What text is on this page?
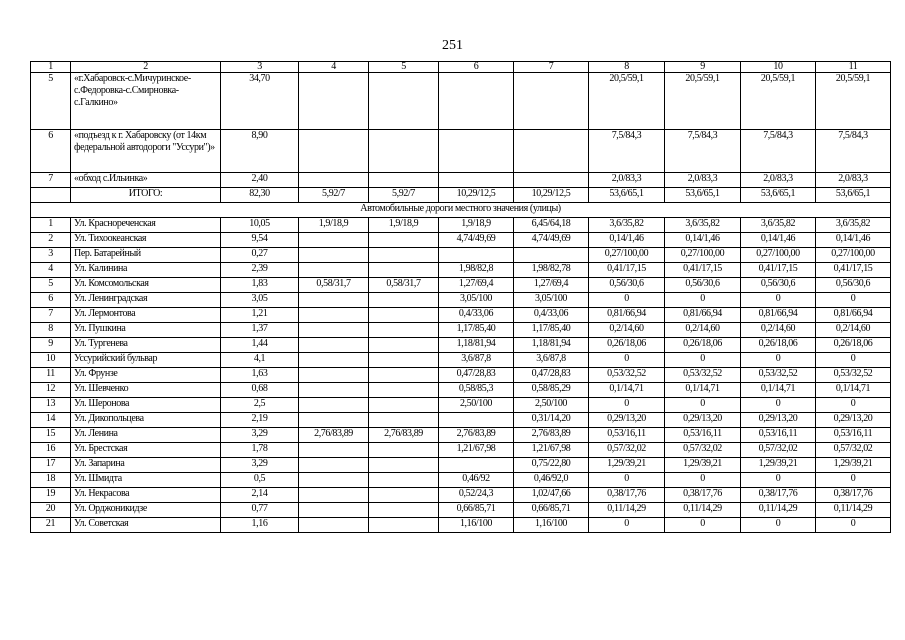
251
1	2	3	4	5	6	7	8	9	10	11
5	«г.Хабаровск-с.Мичуринское-с.Федоровка-с.Смирновка-с.Галкино»	34,70					20,5/59,1	20,5/59,1	20,5/59,1	20,5/59,1
6	«подъезд к г. Хабаровску (от 14км федеральной автодороги "Уссури")»	8,90					7,5/84,3	7,5/84,3	7,5/84,3	7,5/84,3
7	«обход с.Ильинка»	2,40					2,0/83,3	2,0/83,3	2,0/83,3	2,0/83,3
	ИТОГО:	82,30	5,92/7	5,92/7	10,29/12,5	10,29/12,5	53,6/65,1	53,6/65,1	53,6/65,1	53,6/65,1
Автомобильные дороги местного значения (улицы)										
1	Ул. Краснореченская	10,05	1,9/18,9	1,9/18,9	1,9/18,9	6,45/64,18	3,6/35,82	3,6/35,82	3,6/35,82	3,6/35,82
2	Ул. Тихоокеанская	9,54			4,74/49,69	4,74/49,69	0,14/1,46	0,14/1,46	0,14/1,46	0,14/1,46
3	Пер. Батарейный	0,27					0,27/100,00	0,27/100,00	0,27/100,00	0,27/100,00
4	Ул. Калинина	2,39			1,98/82,8	1,98/82,78	0,41/17,15	0,41/17,15	0,41/17,15	0,41/17,15
5	Ул. Комсомольская	1,83	0,58/31,7	0,58/31,7	1,27/69,4	1,27/69,4	0,56/30,6	0,56/30,6	0,56/30,6	0,56/30,6
6	Ул. Ленинградская	3,05			3,05/100	3,05/100	0	0	0	0
7	Ул. Лермонтова	1,21			0,4/33,06	0,4/33,06	0,81/66,94	0,81/66,94	0,81/66,94	0,81/66,94
8	Ул. Пушкина	1,37			1,17/85,40	1,17/85,40	0,2/14,60	0,2/14,60	0,2/14,60	0,2/14,60
9	Ул. Тургенева	1,44			1,18/81,94	1,18/81,94	0,26/18,06	0,26/18,06	0,26/18,06	0,26/18,06
10	Уссурийский бульвар	4,1			3,6/87,8	3,6/87,8	0	0	0	0
11	Ул. Фрунзе	1,63			0,47/28,83	0,47/28,83	0,53/32,52	0,53/32,52	0,53/32,52	0,53/32,52
12	Ул. Шевченко	0,68			0,58/85,3	0,58/85,29	0,1/14,71	0,1/14,71	0,1/14,71	0,1/14,71
13	Ул. Шеронова	2,5			2,50/100	2,50/100	0	0	0	0
14	Ул. Дикопольцева	2,19				0,31/14,20	0,29/13,20	0,29/13,20	0,29/13,20	0,29/13,20
15	Ул. Ленина	3,29	2,76/83,89	2,76/83,89	2,76/83,89	2,76/83,89	0,53/16,11	0,53/16,11	0,53/16,11	0,53/16,11
16	Ул. Брестская	1,78			1,21/67,98	1,21/67,98	0,57/32,02	0,57/32,02	0,57/32,02	0,57/32,02
17	Ул. Запарина	3,29				0,75/22,80	1,29/39,21	1,29/39,21	1,29/39,21	1,29/39,21
18	Ул. Шмидта	0,5			0,46/92	0,46/92,0	0	0	0	0
19	Ул. Некрасова	2,14			0,52/24,3	1,02/47,66	0,38/17,76	0,38/17,76	0,38/17,76	0,38/17,76
20	Ул. Орджоникидзе	0,77			0,66/85,71	0,66/85,71	0,11/14,29	0,11/14,29	0,11/14,29	0,11/14,29
21	Ул. Советская	1,16			1,16/100	1,16/100	0	0	0	0
